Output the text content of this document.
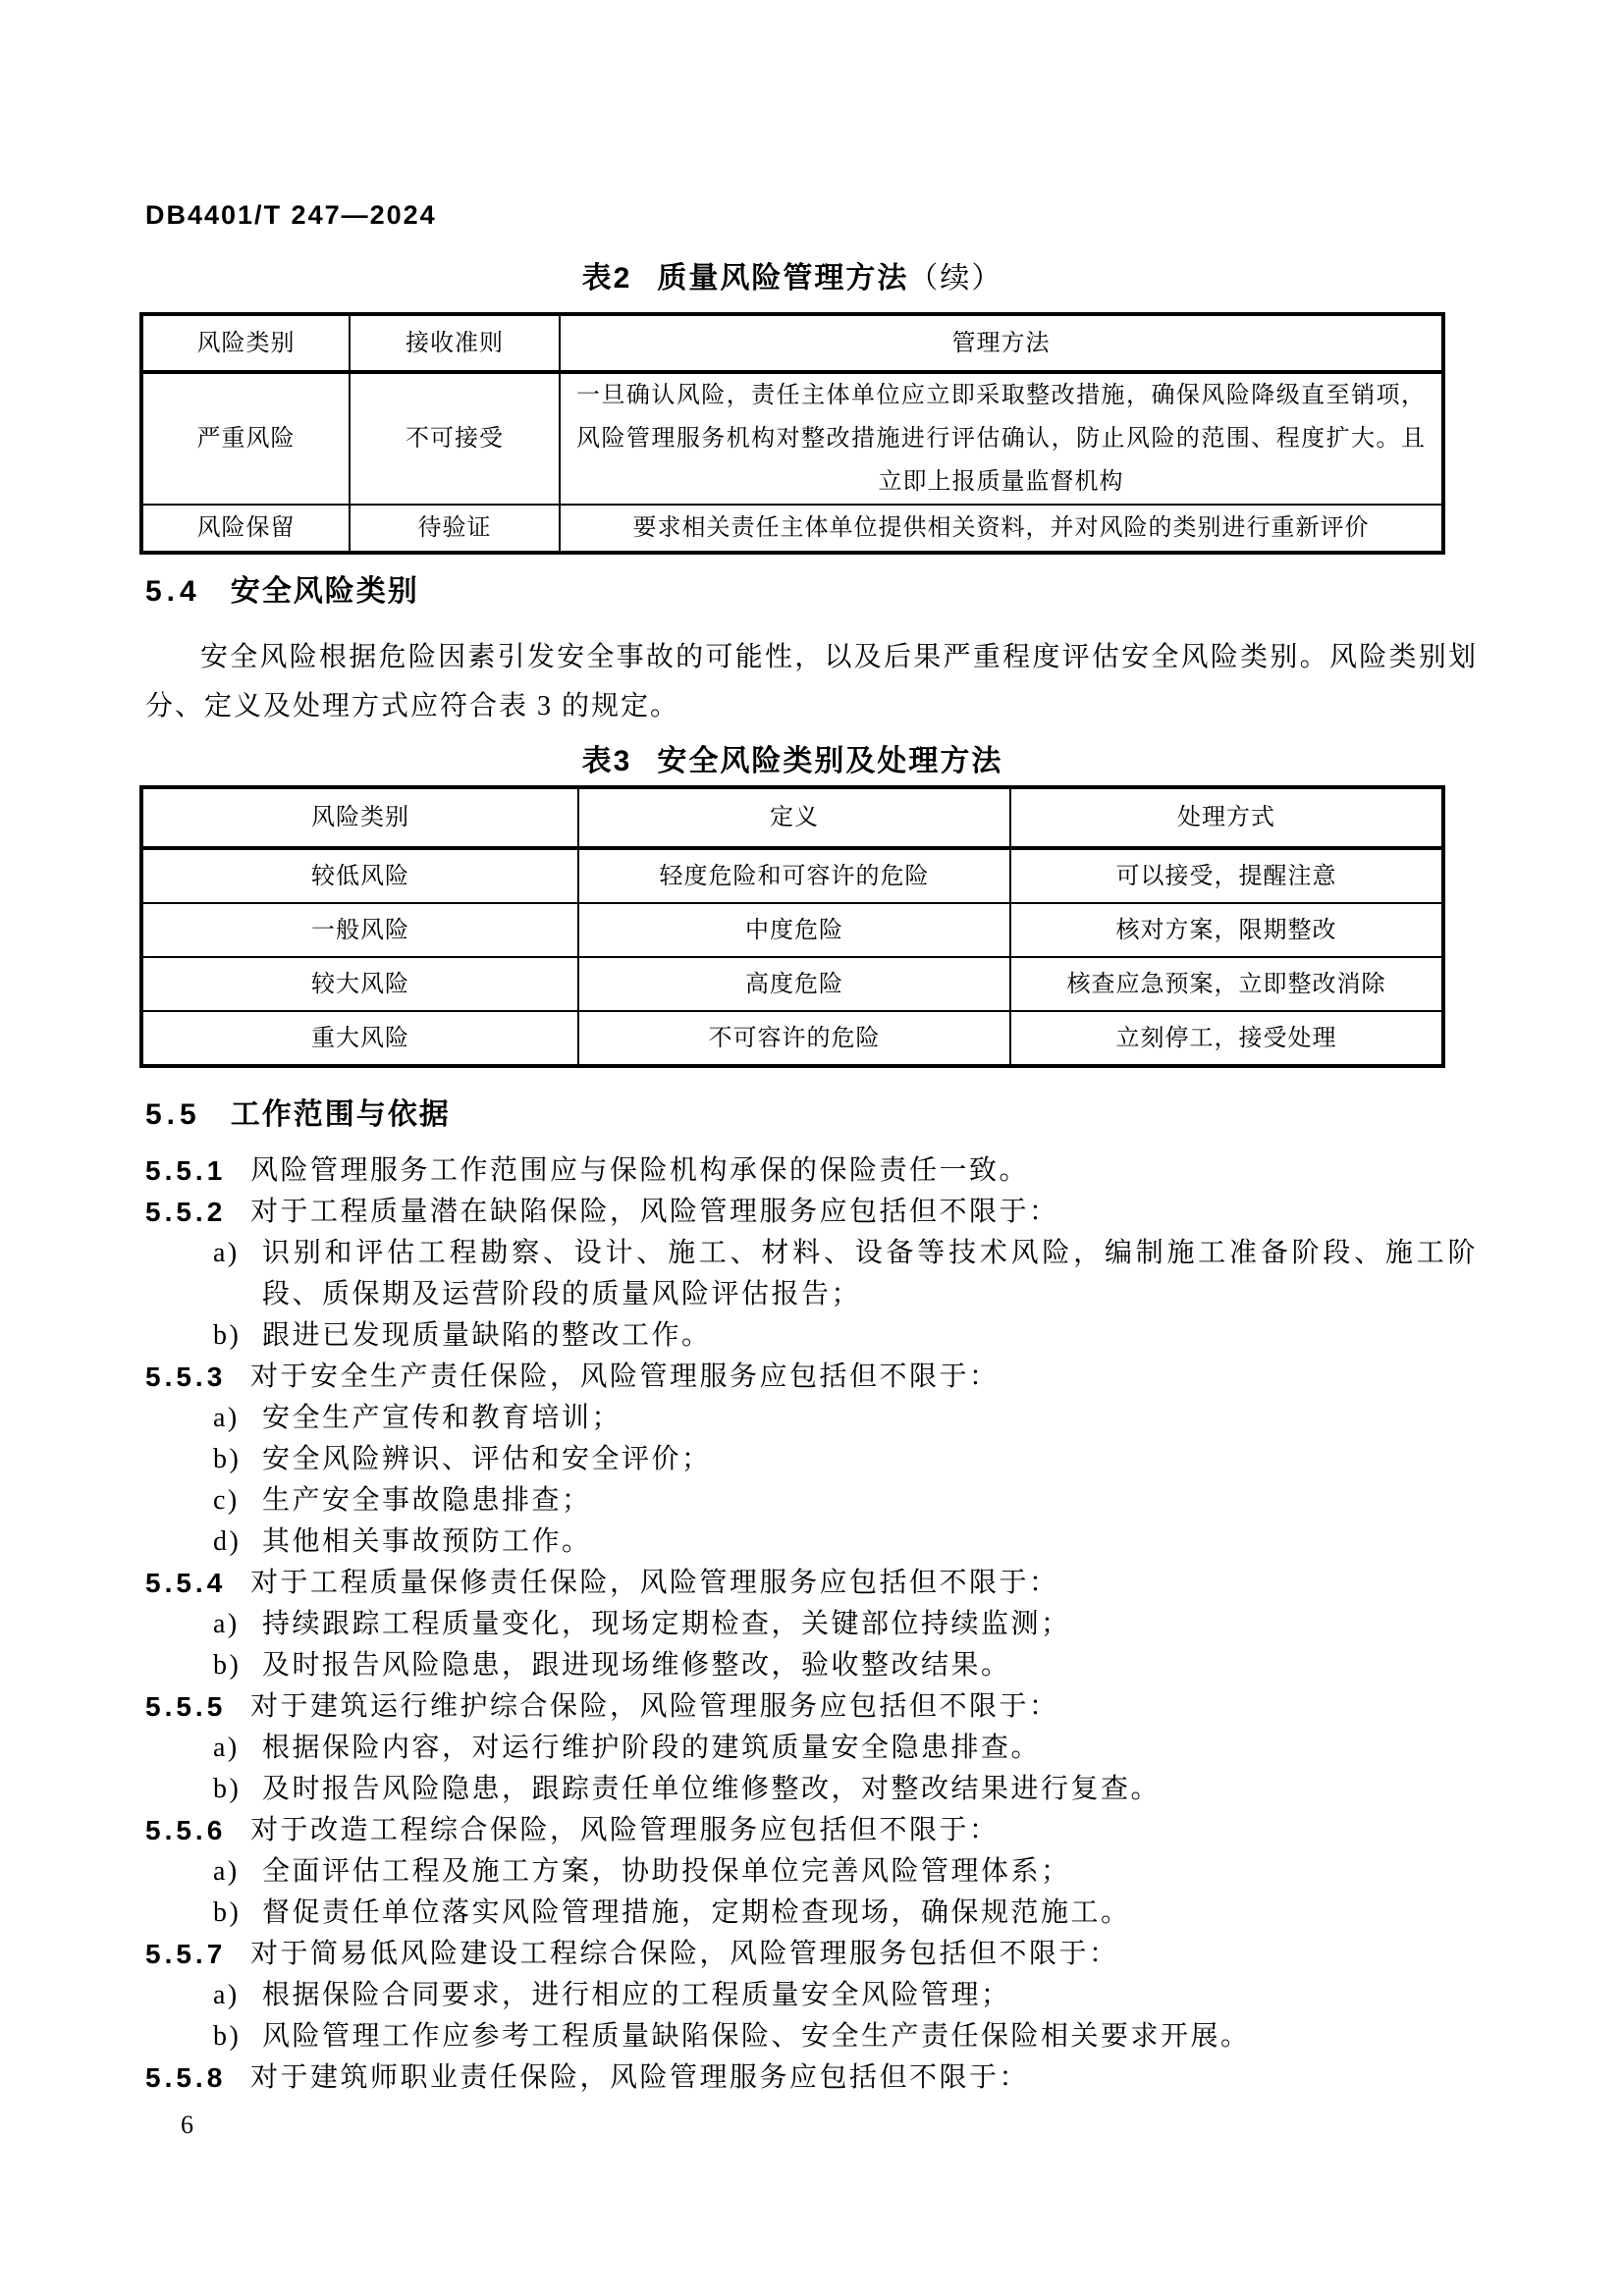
DB4401/T 247—2024
表2 质量风险管理方法（续）
风险类别	接收准则	管理方法
严重风险	不可接受	一旦确认风险，责任主体单位应立即采取整改措施，确保风险降级直至销项，风险管理服务机构对整改措施进行评估确认，防止风险的范围、程度扩大。且立即上报质量监督机构
风险保留	待验证	要求相关责任主体单位提供相关资料，并对风险的类别进行重新评价
5.4 安全风险类别
安全风险根据危险因素引发安全事故的可能性，以及后果严重程度评估安全风险类别。风险类别划分、定义及处理方式应符合表 3 的规定。
表3 安全风险类别及处理方法
风险类别	定义	处理方式
较低风险	轻度危险和可容许的危险	可以接受，提醒注意
一般风险	中度危险	核对方案，限期整改
较大风险	高度危险	核查应急预案，立即整改消除
重大风险	不可容许的危险	立刻停工，接受处理
5.5 工作范围与依据
5.5.1 风险管理服务工作范围应与保险机构承保的保险责任一致。
5.5.2 对于工程质量潜在缺陷保险，风险管理服务应包括但不限于：
a) 识别和评估工程勘察、设计、施工、材料、设备等技术风险，编制施工准备阶段、施工阶段、质保期及运营阶段的质量风险评估报告；
b) 跟进已发现质量缺陷的整改工作。
5.5.3 对于安全生产责任保险，风险管理服务应包括但不限于：
a) 安全生产宣传和教育培训；
b) 安全风险辨识、评估和安全评价；
c) 生产安全事故隐患排查；
d) 其他相关事故预防工作。
5.5.4 对于工程质量保修责任保险，风险管理服务应包括但不限于：
a) 持续跟踪工程质量变化，现场定期检查，关键部位持续监测；
b) 及时报告风险隐患，跟进现场维修整改，验收整改结果。
5.5.5 对于建筑运行维护综合保险，风险管理服务应包括但不限于：
a) 根据保险内容，对运行维护阶段的建筑质量安全隐患排查。
b) 及时报告风险隐患，跟踪责任单位维修整改，对整改结果进行复查。
5.5.6 对于改造工程综合保险，风险管理服务应包括但不限于：
a) 全面评估工程及施工方案，协助投保单位完善风险管理体系；
b) 督促责任单位落实风险管理措施，定期检查现场，确保规范施工。
5.5.7 对于简易低风险建设工程综合保险，风险管理服务包括但不限于：
a) 根据保险合同要求，进行相应的工程质量安全风险管理；
b) 风险管理工作应参考工程质量缺陷保险、安全生产责任保险相关要求开展。
5.5.8 对于建筑师职业责任保险，风险管理服务应包括但不限于：
6
